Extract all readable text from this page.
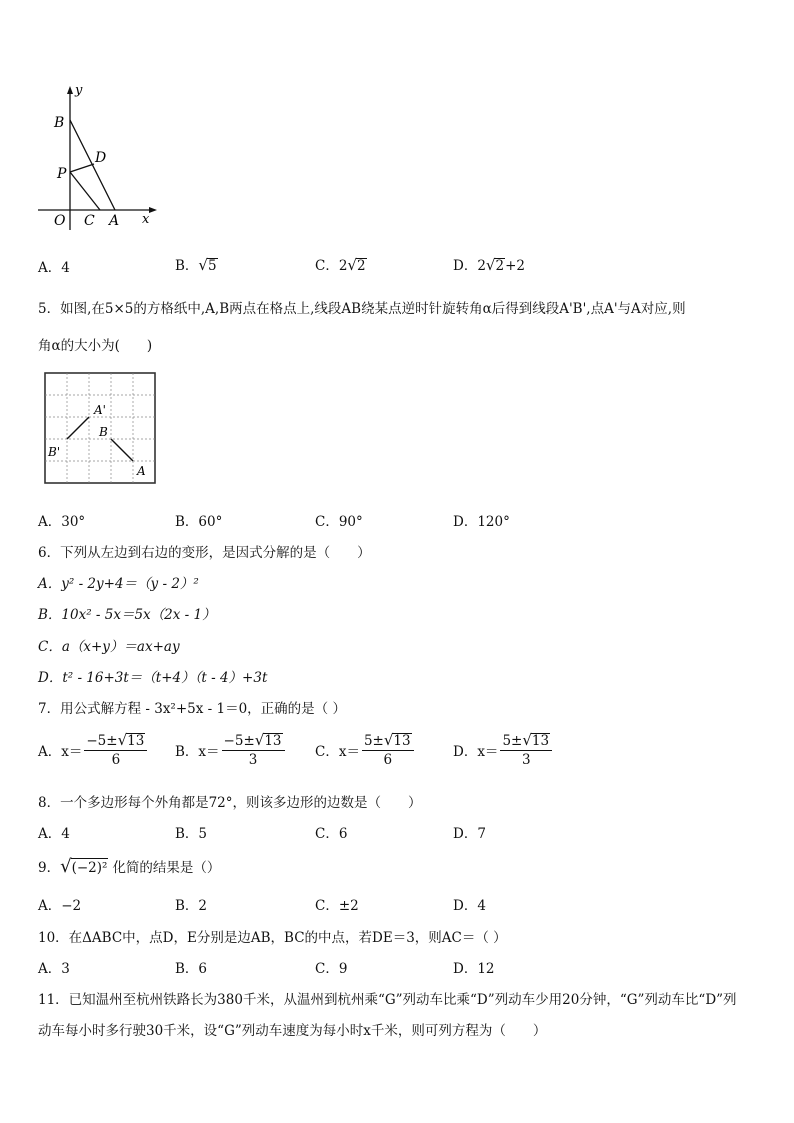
y
B
D
P
O C A x
A．4	B．√5	C．2√2	D．2√2+2
5．如图,在5×5的方格纸中,A,B两点在格点上,线段AB绕某点逆时针旋转角α后得到线段A'B',点A'与A对应,则
角α的大小为(　　)
A'
B
B'
A
A．30°	B．60°	C．90°	D．120°
6．下列从左边到右边的变形，是因式分解的是（　　）
A．y² - 2y+4＝（y - 2）²
B．10x² - 5x＝5x（2x - 1）
C．a（x+y）＝ax+ay
D．t² - 16+3t＝（t+4）（t - 4）+3t
7．用公式解方程 - 3x²+5x - 1＝0，正确的是（ ）
A．$x= \frac{-5\pm√13}{6}$ B．$x= \frac{-5\pm√13}{3}$ C．$x= \frac{5\pm√13}{6}$	D．$x= \frac{5\pm√13}{3}$
8．一个多边形每个外角都是72°，则该多边形的边数是（　　）
A．4	B．5	C．6	D．7
9．√(−2)² 化简的结果是（）
A．−2	B．2	C．±2	D．4
10．在ΔABC中，点D，E分别是边AB，BC的中点，若DE＝3，则AC＝（ ）
A．3	B．6	C．9	D．12
11．已知温州至杭州铁路长为380千米，从温州到杭州乘“G”列动车比乘“D”列动车少用20分钟，“G”列动车比“D”列
动车每小时多行驶30千米，设“G”列动车速度为每小时x千米，则可列方程为（　　）
